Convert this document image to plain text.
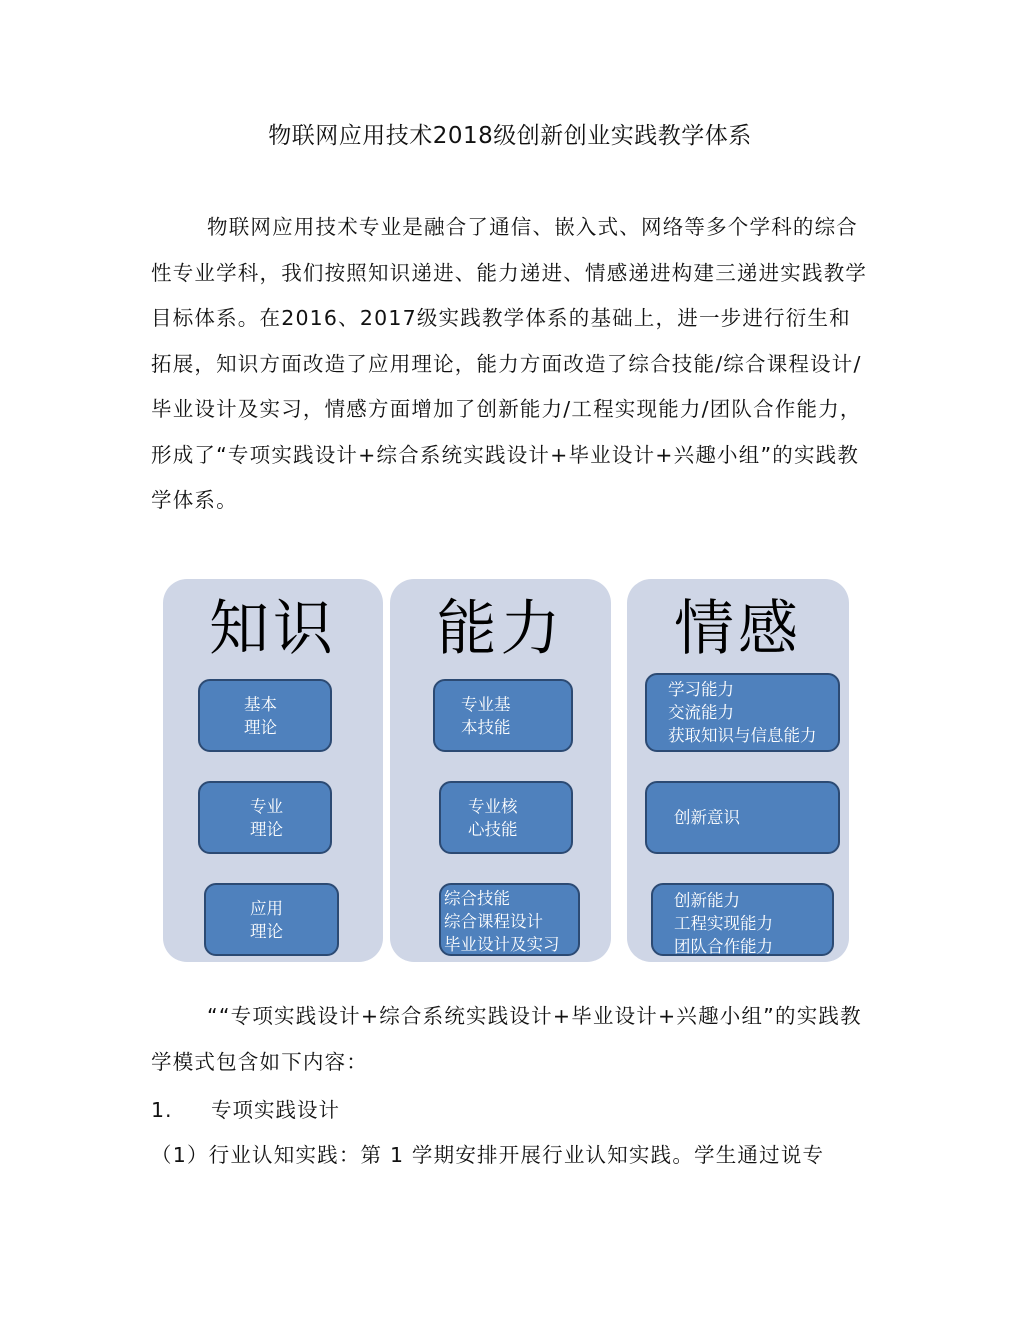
物联网应用技术2018级创新创业实践教学体系

物联网应用技术专业是融合了通信、嵌入式、网络等多个学科的综合性专业学科，我们按照知识递进、能力递进、情感递进构建三递进实践教学目标体系。在2016、2017级实践教学体系的基础上，进一步进行衍生和拓展，知识方面改造了应用理论，能力方面改造了综合技能/综合课程设计/毕业设计及实习，情感方面增加了创新能力/工程实现能力/团队合作能力，形成了“专项实践设计+综合系统实践设计+毕业设计+兴趣小组”的实践教学体系。

知识
基本
理论
专业
理论
应用
理论
能力
专业基
本技能
专业核
心技能
综合技能
综合课程设计
毕业设计及实习
情感
学习能力
交流能力
获取知识与信息能力
创新意识
创新能力
工程实现能力
团队合作能力

““专项实践设计+综合系统实践设计+毕业设计+兴趣小组”的实践教学模式包含如下内容：

1. 专项实践设计
（1）行业认知实践：第 1 学期安排开展行业认知实践。学生通过说专
